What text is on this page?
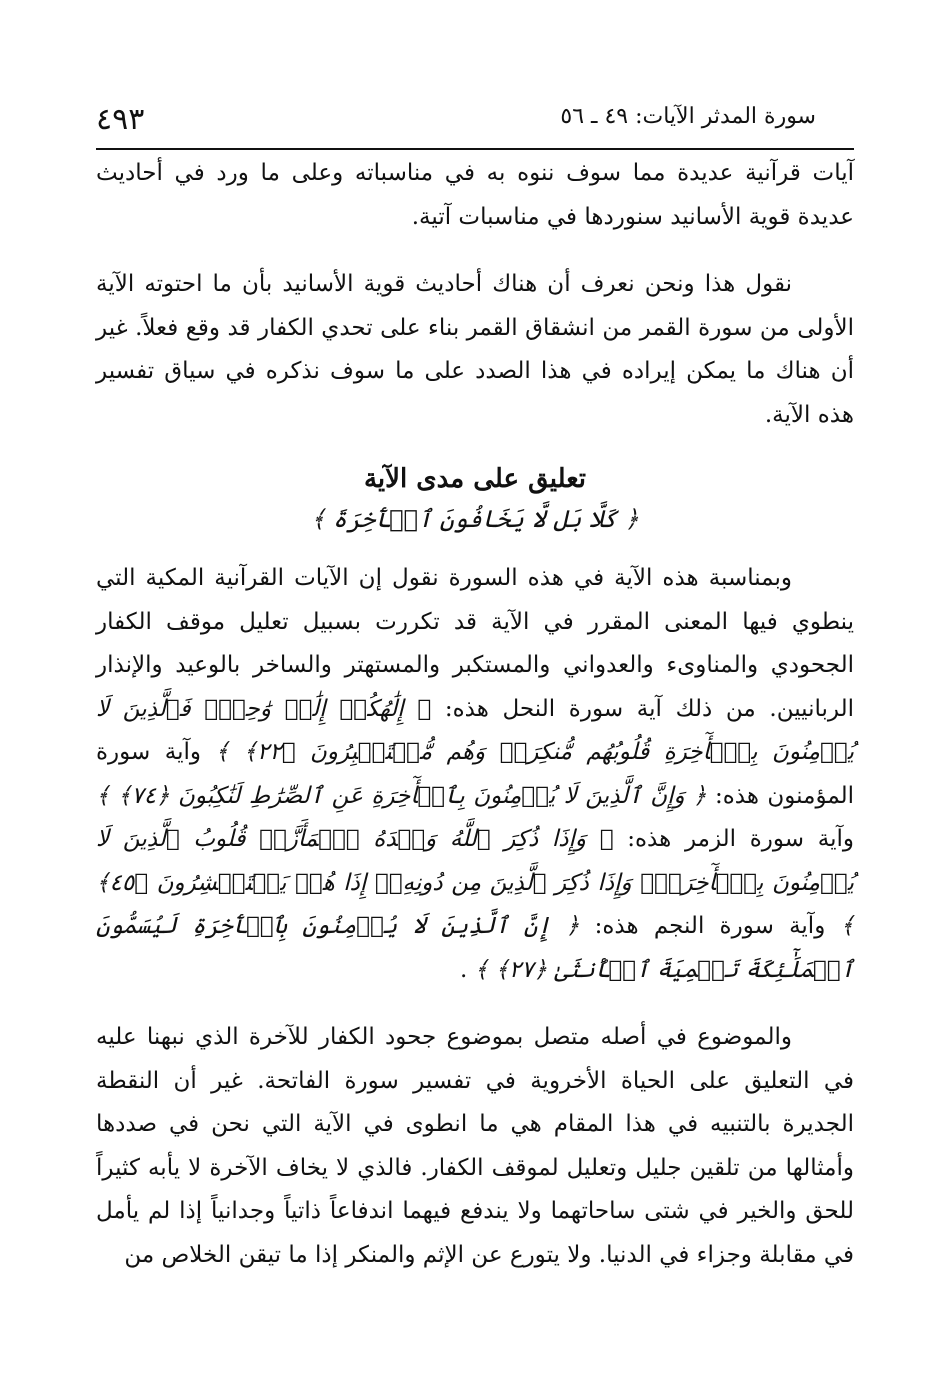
سورة المدثر الآيات: ٤٩ ـ ٥٦
٤٩٣

آيات قرآنية عديدة مما سوف ننوه به في مناسباته وعلى ما ورد في أحاديث عديدة قوية الأسانيد سنوردها في مناسبات آتية.

نقول هذا ونحن نعرف أن هناك أحاديث قوية الأسانيد بأن ما احتوته الآية الأولى من سورة القمر من انشقاق القمر بناء على تحدي الكفار قد وقع فعلاً. غير أن هناك ما يمكن إيراده في هذا الصدد على ما سوف نذكره في سياق تفسير هذه الآية.

تعليق على مدى الآية
﴿ كَلَّا بَل لَّا يَخَافُونَ ٱلۡأٓخِرَةَ ﴾

وبمناسبة هذه الآية في هذه السورة نقول إن الآيات القرآنية المكية التي ينطوي فيها المعنى المقرر في الآية قد تكررت بسبيل تعليل موقف الكفار الجحودي والمناوىء والعدواني والمستكبر والمستهتر والساخر بالوعيد والإنذار الربانيين. من ذلك آية سورة النحل هذه: ﴿ إِلَٰهُكُمۡ إِلَٰهٞ وَٰحِدٞۚ فَٱلَّذِينَ لَا يُؤۡمِنُونَ بِٱلۡأٓخِرَةِ قُلُوبُهُم مُّنكِرَةٞ وَهُم مُّسۡتَكۡبِرُونَ ﴿٢٢﴾ ﴾ وآية سورة المؤمنون هذه: ﴿ وَإِنَّ ٱلَّذِينَ لَا يُؤۡمِنُونَ بِٱلۡأٓخِرَةِ عَنِ ٱلصِّرَٰطِ لَنَٰكِبُونَ ﴿٧٤﴾ ﴾ وآية سورة الزمر هذه: ﴿ وَإِذَا ذُكِرَ ٱللَّهُ وَحۡدَهُ ٱشۡمَأَزَّتۡ قُلُوبُ ٱلَّذِينَ لَا يُؤۡمِنُونَ بِٱلۡأٓخِرَةِۖ وَإِذَا ذُكِرَ ٱلَّذِينَ مِن دُونِهِۦٓ إِذَا هُمۡ يَسۡتَبۡشِرُونَ ﴿٤٥﴾ ﴾ وآية سورة النجم هذه: ﴿ إِنَّ ٱلَّذِينَ لَا يُؤۡمِنُونَ بِٱلۡأٓخِرَةِ لَيُسَمُّونَ ٱلۡمَلَٰٓئِكَةَ تَسۡمِيَةَ ٱلۡأُنثَىٰ ﴿٢٧﴾ ﴾ .

والموضوع في أصله متصل بموضوع جحود الكفار للآخرة الذي نبهنا عليه في التعليق على الحياة الأخروية في تفسير سورة الفاتحة. غير أن النقطة الجديرة بالتنبيه في هذا المقام هي ما انطوى في الآية التي نحن في صددها وأمثالها من تلقين جليل وتعليل لموقف الكفار. فالذي لا يخاف الآخرة لا يأبه كثيراً للحق والخير في شتى ساحاتهما ولا يندفع فيهما اندفاعاً ذاتياً وجدانياً إذا لم يأمل في مقابلة وجزاء في الدنيا. ولا يتورع عن الإثم والمنكر إذا ما تيقن الخلاص من
